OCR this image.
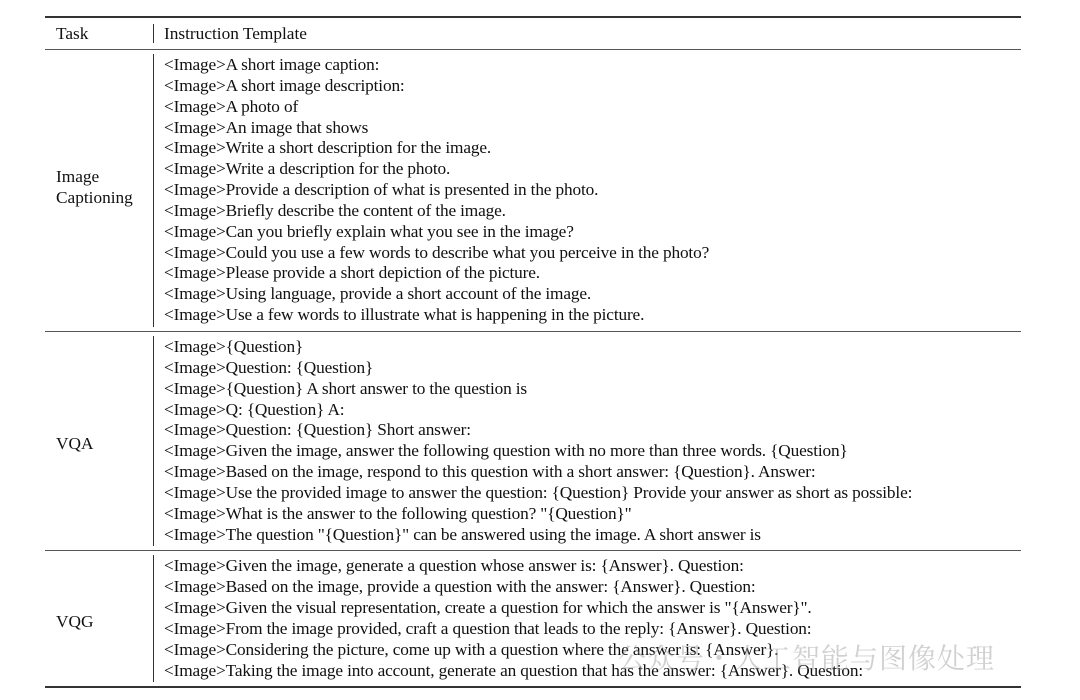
Task	Instruction Template
Image
Captioning
<Image>A short image caption:
<Image>A short image description:
<Image>A photo of
<Image>An image that shows
<Image>Write a short description for the image.
<Image>Write a description for the photo.
<Image>Provide a description of what is presented in the photo.
<Image>Briefly describe the content of the image.
<Image>Can you briefly explain what you see in the image?
<Image>Could you use a few words to describe what you perceive in the photo?
<Image>Please provide a short depiction of the picture.
<Image>Using language, provide a short account of the image.
<Image>Use a few words to illustrate what is happening in the picture.
VQA
<Image>{Question}
<Image>Question: {Question}
<Image>{Question} A short answer to the question is
<Image>Q: {Question} A:
<Image>Question: {Question} Short answer:
<Image>Given the image, answer the following question with no more than three words. {Question}
<Image>Based on the image, respond to this question with a short answer: {Question}. Answer:
<Image>Use the provided image to answer the question: {Question} Provide your answer as short as possible:
<Image>What is the answer to the following question? "{Question}"
<Image>The question "{Question}" can be answered using the image. A short answer is
VQG
<Image>Given the image, generate a question whose answer is: {Answer}. Question:
<Image>Based on the image, provide a question with the answer: {Answer}. Question:
<Image>Given the visual representation, create a question for which the answer is "{Answer}".
<Image>From the image provided, craft a question that leads to the reply: {Answer}. Question:
<Image>Considering the picture, come up with a question where the answer is: {Answer}.
<Image>Taking the image into account, generate an question that has the answer: {Answer}. Question:
公众号・人工智能与图像处理
